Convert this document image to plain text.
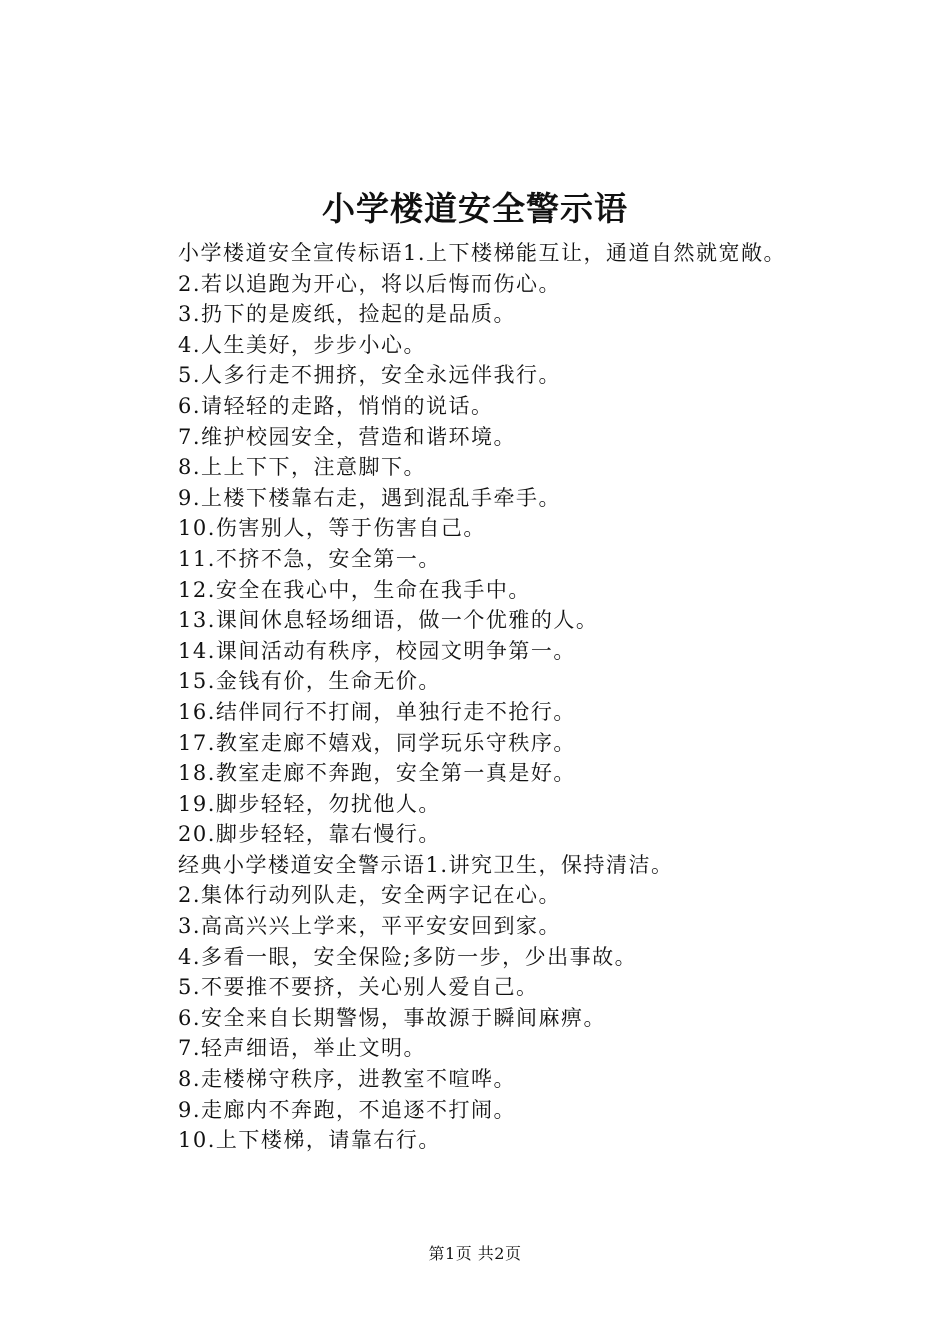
小学楼道安全警示语

小学楼道安全宣传标语1.上下楼梯能互让，通道自然就宽敞。

2.若以追跑为开心，将以后悔而伤心。

3.扔下的是废纸，捡起的是品质。

4.人生美好，步步小心。

5.人多行走不拥挤，安全永远伴我行。

6.请轻轻的走路，悄悄的说话。

7.维护校园安全，营造和谐环境。

8.上上下下，注意脚下。

9.上楼下楼靠右走，遇到混乱手牵手。

10.伤害别人，等于伤害自己。

11.不挤不急，安全第一。

12.安全在我心中，生命在我手中。

13.课间休息轻场细语，做一个优雅的人。

14.课间活动有秩序，校园文明争第一。

15.金钱有价，生命无价。

16.结伴同行不打闹，单独行走不抢行。

17.教室走廊不嬉戏，同学玩乐守秩序。

18.教室走廊不奔跑，安全第一真是好。

19.脚步轻轻，勿扰他人。

20.脚步轻轻，靠右慢行。

经典小学楼道安全警示语1.讲究卫生，保持清洁。

2.集体行动列队走，安全两字记在心。

3.高高兴兴上学来，平平安安回到家。

4.多看一眼，安全保险;多防一步，少出事故。

5.不要推不要挤，关心别人爱自己。

6.安全来自长期警惕，事故源于瞬间麻痹。

7.轻声细语，举止文明。

8.走楼梯守秩序，进教室不喧哗。

9.走廊内不奔跑，不追逐不打闹。

10.上下楼梯，请靠右行。

第1页 共2页
